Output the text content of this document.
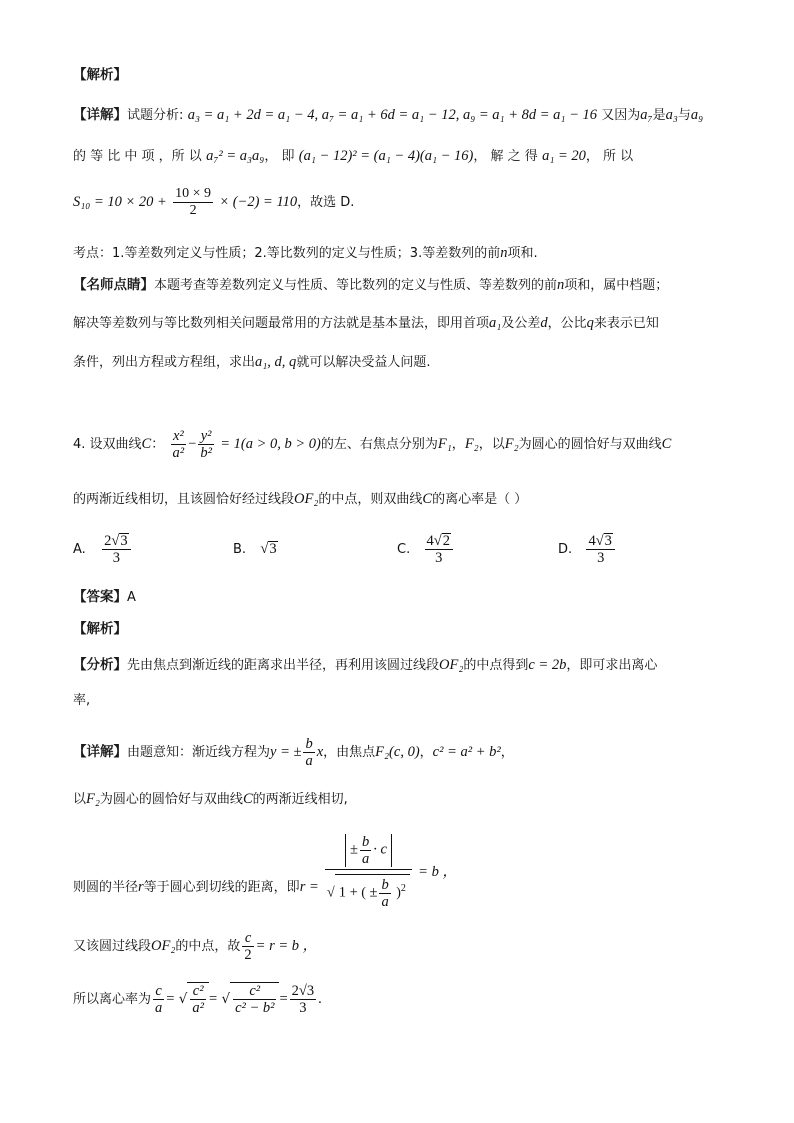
【解析】
【详解】试题分析: a₃ = a₁ + 2d = a₁ − 4, a₇ = a₁ + 6d = a₁ − 12, a₉ = a₁ + 8d = a₁ − 16 又因为a₇是a₃与a₉
的 等 比 中 项 ，所 以 a₇² = a₃a₉， 即 (a₁ − 12)² = (a₁ − 4)(a₁ − 16)， 解 之 得 a₁ = 20， 所 以
$S_{10} = 10 \times 20 + \frac{10 \times 9}{2} \times (-2) = 110$，故选 D.
考点：1.等差数列定义与性质；2.等比数列的定义与性质；3.等差数列的前n项和.
【名师点睛】本题考查等差数列定义与性质、等比数列的定义与性质、等差数列的前n项和，属中档题；
解决等差数列与等比数列相关问题最常用的方法就是基本量法，即用首项a₁及公差d，公比q来表示已知
条件，列出方程或方程组，求出a₁, d, q就可以解决受益人问题.
4. 设双曲线C： $\frac{\text{x²}}{\text{a²}} - \frac{\text{y²}}{\text{b²}} = 1(a > 0$, b > 0)的左、右焦点分别为F₁，F₂，以F₂为圆心的圆恰好与双曲线C
的两渐近线相切，且该圆恰好经过线段OF₂的中点，则双曲线C的离心率是（ ）
A. $\frac{2√3}{3}$	B. √3	C. $\frac{4√2}{3}$	D. $\frac{4√3}{3}$
【答案】A
【解析】
【分析】先由焦点到渐近线的距离求出半径，再利用该圆过线段OF₂的中点得到c = 2b，即可求出离心
率,
【详解】由题意知：渐近线方程为y = ± $\frac{b}{a}$ x，由焦点F₂(c, 0)，c² = a² + b²，
以F₂为圆心的圆恰好与双曲线C的两渐近线相切,
则圆的半径r等于圆心到切线的距离，即$r = \frac{\pm \frac{b}{a} \cdot c}{√ 1 + ( \pm \frac{b}{a} )^2} = b$ ，
又该圆过线段OF₂的中点，故 $\frac{c}{2} = r = b$ ，
所以离心率为 $\frac{c}{a}$ = √ $\frac{\text{c²}}{\text{a²}}$ = √ $\frac{\text{c²}}{\text{c² − b²}} = \frac{2√3}{3}$ .
